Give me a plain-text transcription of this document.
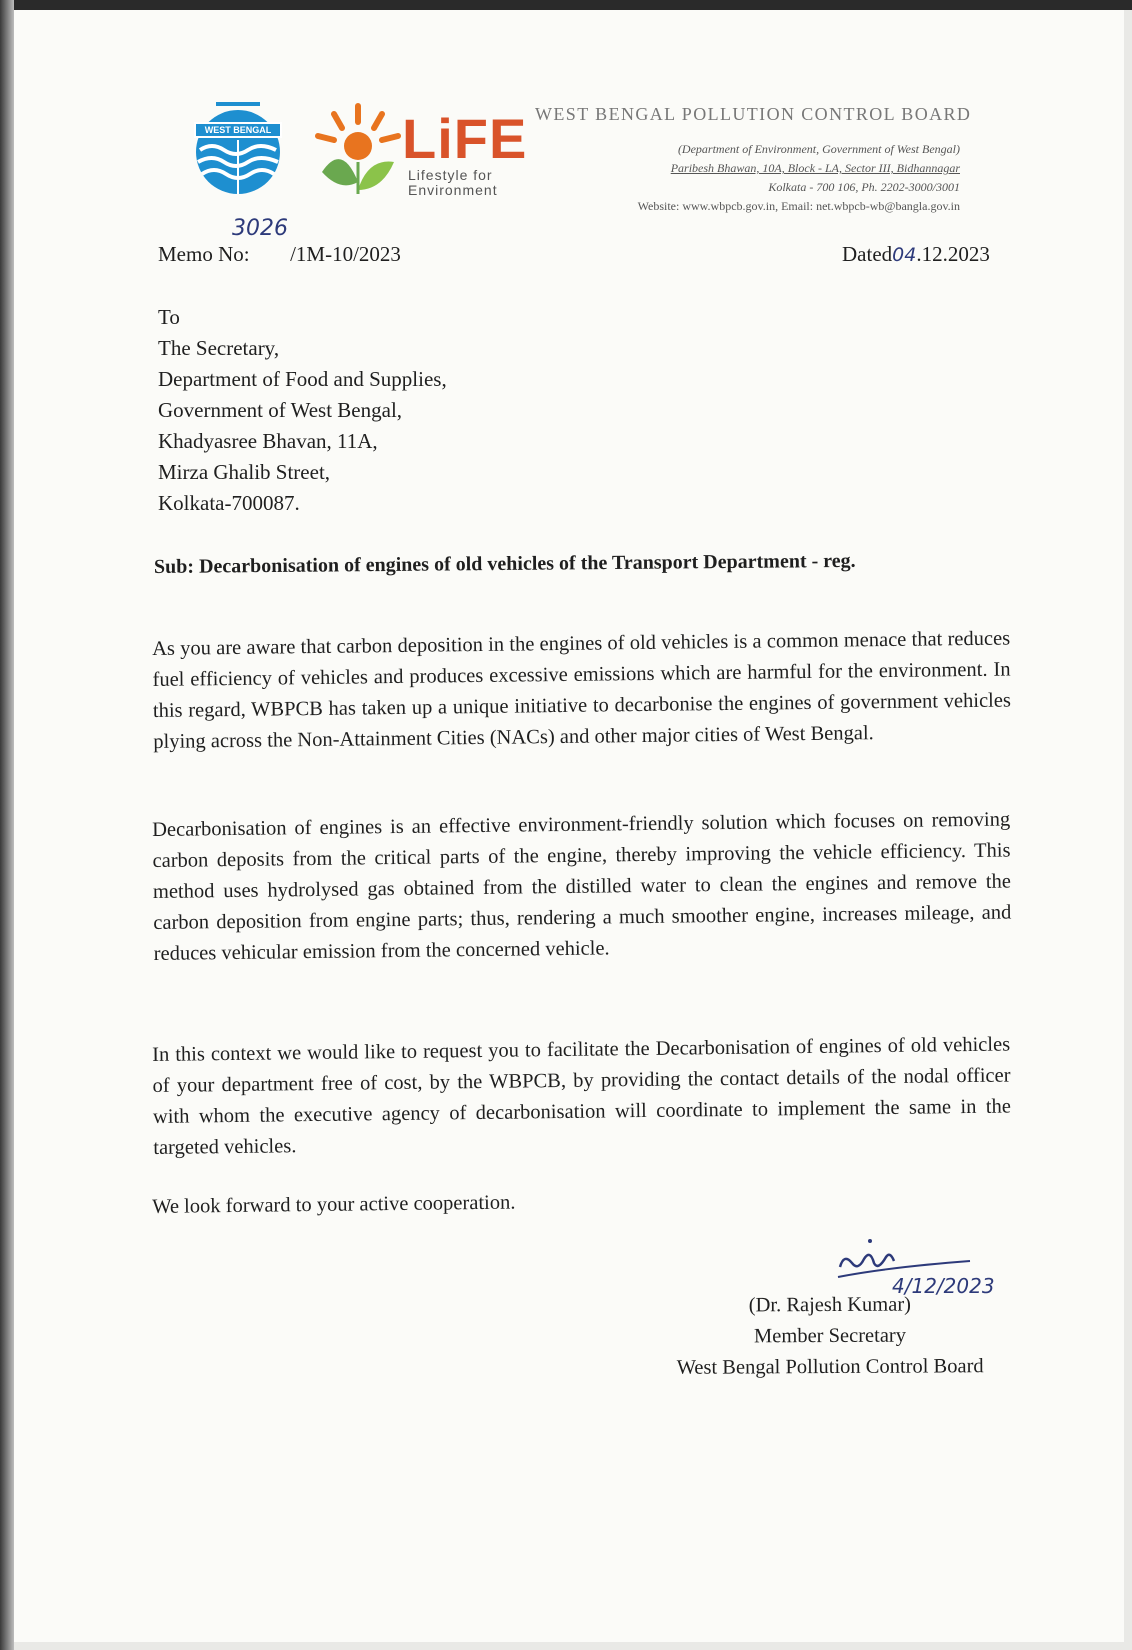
WEST BENGAL LiFE
Lifestyle for
Environment
WEST BENGAL POLLUTION CONTROL BOARD
(Department of Environment, Government of West Bengal)
Paribesh Bhawan, 10A, Block - LA, Sector III, Bidhannagar
Kolkata - 700 106, Ph. 2202-3000/3001
Website: www.wbpcb.gov.in, Email: net.wbpcb-wb@bangla.gov.in
Memo No: /1M-10/2023
3026
Dated04.12.2023
To
The Secretary,
Department of Food and Supplies,
Government of West Bengal,
Khadyasree Bhavan, 11A,
Mirza Ghalib Street,
Kolkata-700087.
Sub: Decarbonisation of engines of old vehicles of the Transport Department - reg.
As you are aware that carbon deposition in the engines of old vehicles is a common menace that reduces fuel efficiency of vehicles and produces excessive emissions which are harmful for the environment. In this regard, WBPCB has taken up a unique initiative to decarbonise the engines of government vehicles plying across the Non-Attainment Cities (NACs) and other major cities of West Bengal.
Decarbonisation of engines is an effective environment-friendly solution which focuses on removing carbon deposits from the critical parts of the engine, thereby improving the vehicle efficiency. This method uses hydrolysed gas obtained from the distilled water to clean the engines and remove the carbon deposition from engine parts; thus, rendering a much smoother engine, increases mileage, and reduces vehicular emission from the concerned vehicle.
In this context we would like to request you to facilitate the Decarbonisation of engines of old vehicles of your department free of cost, by the WBPCB, by providing the contact details of the nodal officer with whom the executive agency of decarbonisation will coordinate to implement the same in the targeted vehicles.
We look forward to your active cooperation.
4/12/2023
(Dr. Rajesh Kumar)
Member Secretary
West Bengal Pollution Control Board
